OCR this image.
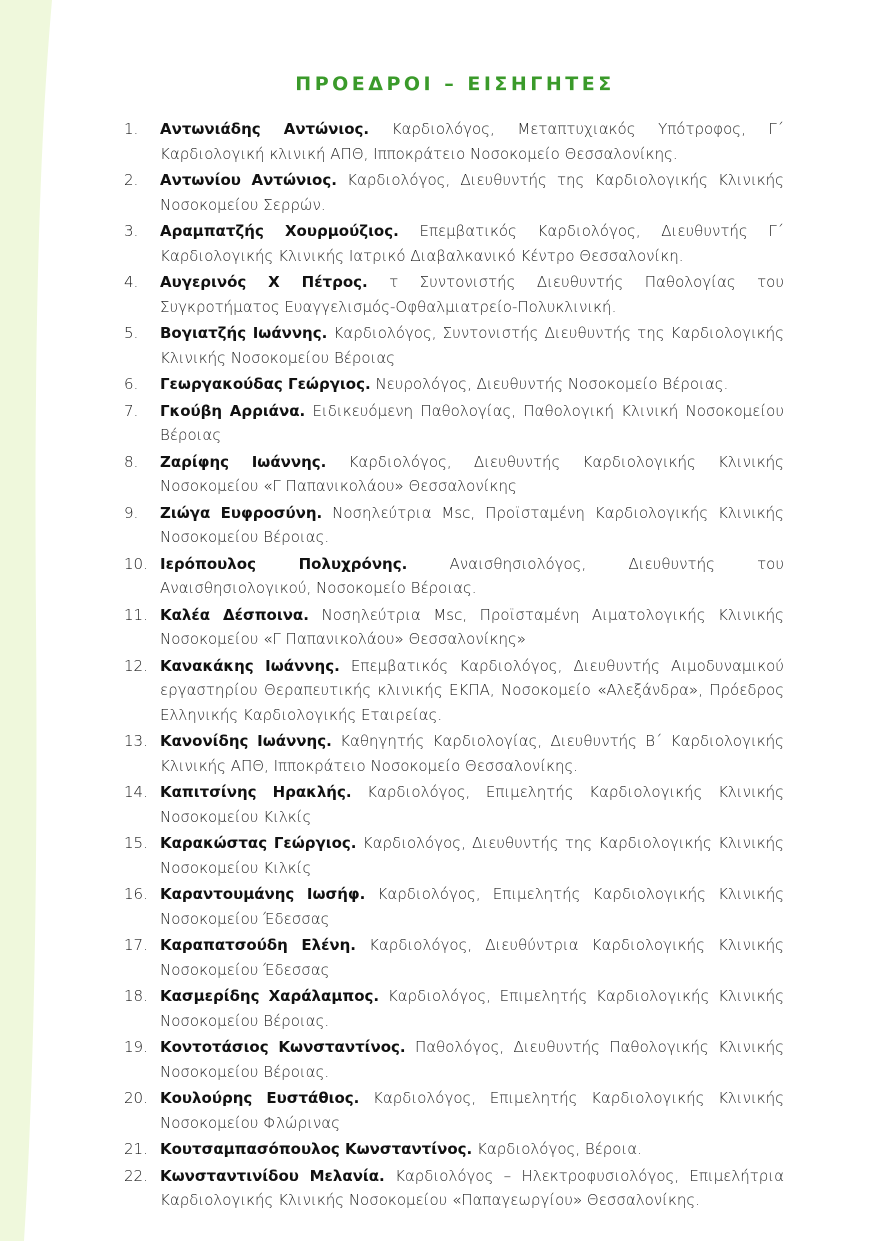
ΠΡΟΕΔΡΟΙ – ΕΙΣΗΓΗΤΕΣ
1.	Αντωνιάδης Αντώνιος. Καρδιολόγος, Μεταπτυχιακός Υπότροφος, Γ΄ Καρδιολογική κλινική ΑΠΘ, Ιπποκράτειο Νοσοκομείο Θεσσαλονίκης.
2.	Αντωνίου Αντώνιος. Καρδιολόγος, Διευθυντής της Καρδιολογικής Κλινικής Νοσοκομείου Σερρών.
3.	Αραμπατζής Χουρμούζιος. Επεμβατικός Καρδιολόγος, Διευθυντής Γ΄ Καρδιολογικής Κλινικής Ιατρικό Διαβαλκανικό Κέντρο Θεσσαλονίκη.
4.	Αυγερινός Χ Πέτρος. τ Συντονιστής Διευθυντής Παθολογίας του Συγκροτήματος Ευαγγελισμός-Οφθαλμιατρείο-Πολυκλινική.
5.	Βογιατζής Ιωάννης. Καρδιολόγος, Συντονιστής Διευθυντής της Καρδιολογικής Κλινικής Νοσοκομείου Βέροιας
6.	Γεωργακούδας Γεώργιος. Νευρολόγος, Διευθυντής Νοσοκομείο Βέροιας.
7.	Γκούβη Αρριάνα. Ειδικευόμενη Παθολογίας, Παθολογική Κλινική Νοσοκομείου Βέροιας
8.	Ζαρίφης Ιωάννης. Καρδιολόγος, Διευθυντής Καρδιολογικής Κλινικής Νοσοκομείου «Γ Παπανικολάου» Θεσσαλονίκης
9.	Ζιώγα Ευφροσύνη. Νοσηλεύτρια Msc, Προϊσταμένη Καρδιολογικής Κλινικής Νοσοκομείου Βέροιας.
10. Ιερόπουλος Πολυχρόνης.	Αναισθησιολόγος, Διευθυντής του Αναισθησιολογικού, Νοσοκομείο Βέροιας.
11. Καλέα Δέσποινα. Νοσηλεύτρια Msc, Προϊσταμένη Αιματολογικής Κλινικής Νοσοκομείου «Γ Παπανικολάου» Θεσσαλονίκης»
12. Κανακάκης Ιωάννης. Επεμβατικός Καρδιολόγος, Διευθυντής Αιμοδυναμικού εργαστηρίου Θεραπευτικής κλινικής ΕΚΠΑ, Νοσοκομείο «Αλεξάνδρα», Πρόεδρος Ελληνικής Καρδιολογικής Εταιρείας.
13. Κανονίδης Ιωάννης. Καθηγητής Καρδιολογίας, Διευθυντής Β΄ Καρδιολογικής Κλινικής ΑΠΘ, Ιπποκράτειο Νοσοκομείο Θεσσαλονίκης.
14. Καπιτσίνης Ηρακλής. Καρδιολόγος, Επιμελητής Καρδιολογικής Κλινικής Νοσοκομείου Κιλκίς
15. Καρακώστας Γεώργιος. Καρδιολόγος, Διευθυντής της Καρδιολογικής Κλινικής Νοσοκομείου Κιλκίς
16. Καραντουμάνης Ιωσήφ. Καρδιολόγος, Επιμελητής Καρδιολογικής Κλινικής Νοσοκομείου Έδεσσας
17. Καραπατσούδη Ελένη. Καρδιολόγος, Διευθύντρια Καρδιολογικής Κλινικής Νοσοκομείου Έδεσσας
18. Κασμερίδης Χαράλαμπος. Καρδιολόγος, Επιμελητής Καρδιολογικής Κλινικής Νοσοκομείου Βέροιας.
19. Κοντοτάσιος Κωνσταντίνος. Παθολόγος, Διευθυντής Παθολογικής Κλινικής Νοσοκομείου Βέροιας.
20. Κουλούρης Ευστάθιος. Καρδιολόγος, Επιμελητής Καρδιολογικής Κλινικής Νοσοκομείου Φλώρινας
21. Κουτσαμπασόπουλος Κωνσταντίνος. Καρδιολόγος, Βέροια.
22. Κωνσταντινίδου Μελανία. Καρδιολόγος – Ηλεκτροφυσιολόγος, Επιμελήτρια Καρδιολογικής Κλινικής Νοσοκομείου «Παπαγεωργίου» Θεσσαλονίκης.
